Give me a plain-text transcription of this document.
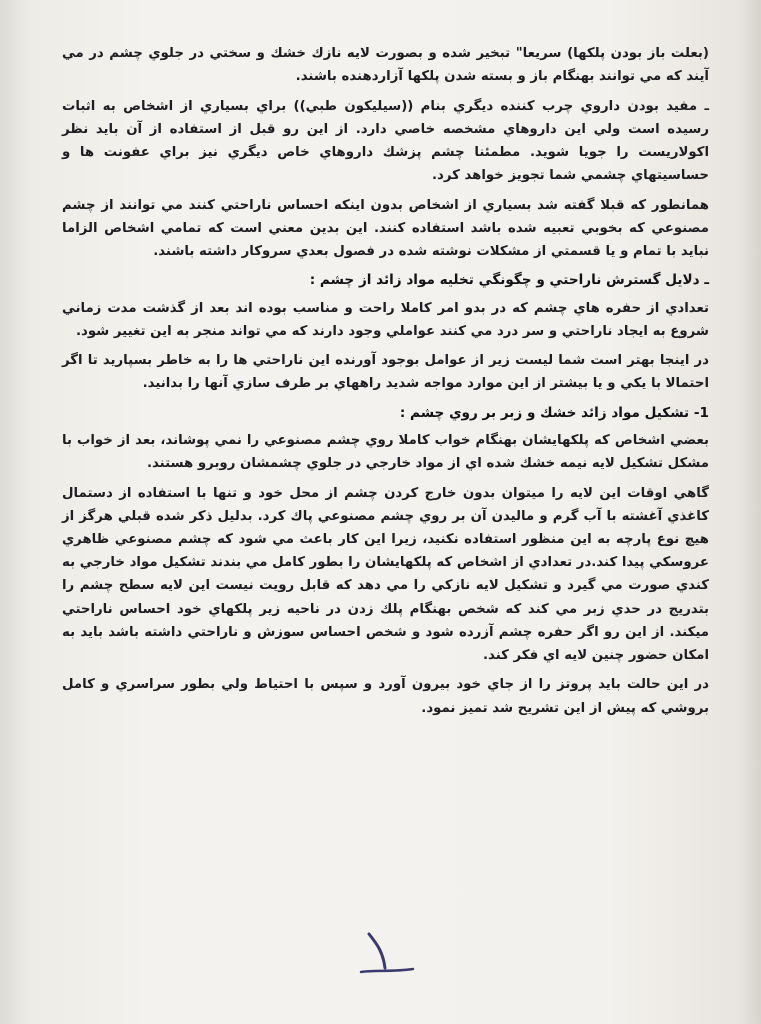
(بعلت باز بودن پلكها) سريعا" تبخير شده و بصورت لايه نازك خشك و سختي در جلوي چشم در مي آيند كه مي توانند بهنگام باز و بسته شدن پلكها آزاردهنده باشند.

ـ مفيد بودن داروي چرب كننده ديگري بنام ((سيليكون طبي)) براي بسياري از اشخاص به اثبات رسيده است ولي اين داروهاي مشخصه خاصي دارد. از اين رو قبل از استفاده از آن بايد نظر اكولاريست را جويا شويد. مطمئنا چشم پزشك داروهاي خاص ديگري نيز براي عفونت ها و حساسيتهاي چشمي شما تجويز خواهد كرد.

همانطور كه قبلا گفته شد بسياري از اشخاص بدون اينكه احساس ناراحتي كنند مي توانند از چشم مصنوعي كه بخوبي تعبيه شده باشد استفاده كنند. اين بدين معني است كه تمامي اشخاص الزاما نبايد با تمام و يا قسمتي از مشكلات نوشته شده در فصول بعدي سروكار داشته باشند.

ـ دلايل گسترش ناراحتي و چگونگي تخليه مواد زائد از چشم :

تعدادي از حفره هاي چشم كه در بدو امر كاملا راحت و مناسب بوده اند بعد از گذشت مدت زماني شروع به ايجاد ناراحتي و سر درد مي كنند عواملي وجود دارند كه مي تواند منجر به اين تغيير شود.

در اينجا بهتر است شما ليست زير از عوامل بوجود آورنده اين ناراحتي ها را به خاطر بسپاريد تا اگر احتمالا با يكي و يا بيشتر از اين موارد مواجه شديد راههاي بر طرف سازي آنها را بدانيد.

1- تشكيل مواد زائد خشك و زبر بر روي چشم :

بعضي اشخاص كه پلكهايشان بهنگام خواب كاملا روي چشم مصنوعي را نمي پوشاند، بعد از خواب با مشكل تشكيل لايه نيمه خشك شده اي از مواد خارجي در جلوي چشمشان روبرو هستند.

گاهي اوقات اين لايه را ميتوان بدون خارج كردن چشم از محل خود و تنها با استفاده از دستمال كاغذي آغشته با آب گرم و ماليدن آن بر روي چشم مصنوعي پاك كرد. بدليل ذكر شده قبلي هرگز از هيچ نوع پارچه به اين منظور استفاده نكنيد، زيرا اين كار باعث مي شود كه چشم مصنوعي ظاهري عروسكي پيدا كند.در تعدادي از اشخاص كه پلكهايشان را بطور كامل مي بندند تشكيل مواد خارجي به كندي صورت مي گيرد و تشكيل لايه نازكي را مي دهد كه قابل رويت نيست اين لايه سطح چشم را بتدريج در حدي زبر مي كند كه شخص بهنگام پلك زدن در ناحيه زير پلكهاي خود احساس ناراحتي ميكند. از اين رو اگر حفره چشم آزرده شود و شخص احساس سوزش و ناراحتي داشته باشد بايد به امكان حضور چنين لايه اي فكر كند.

در اين حالت بايد پروتز را از جاي خود بيرون آورد و سپس با احتياط ولي بطور سراسري و كامل بروشي كه پيش از اين تشريح شد تميز نمود.
